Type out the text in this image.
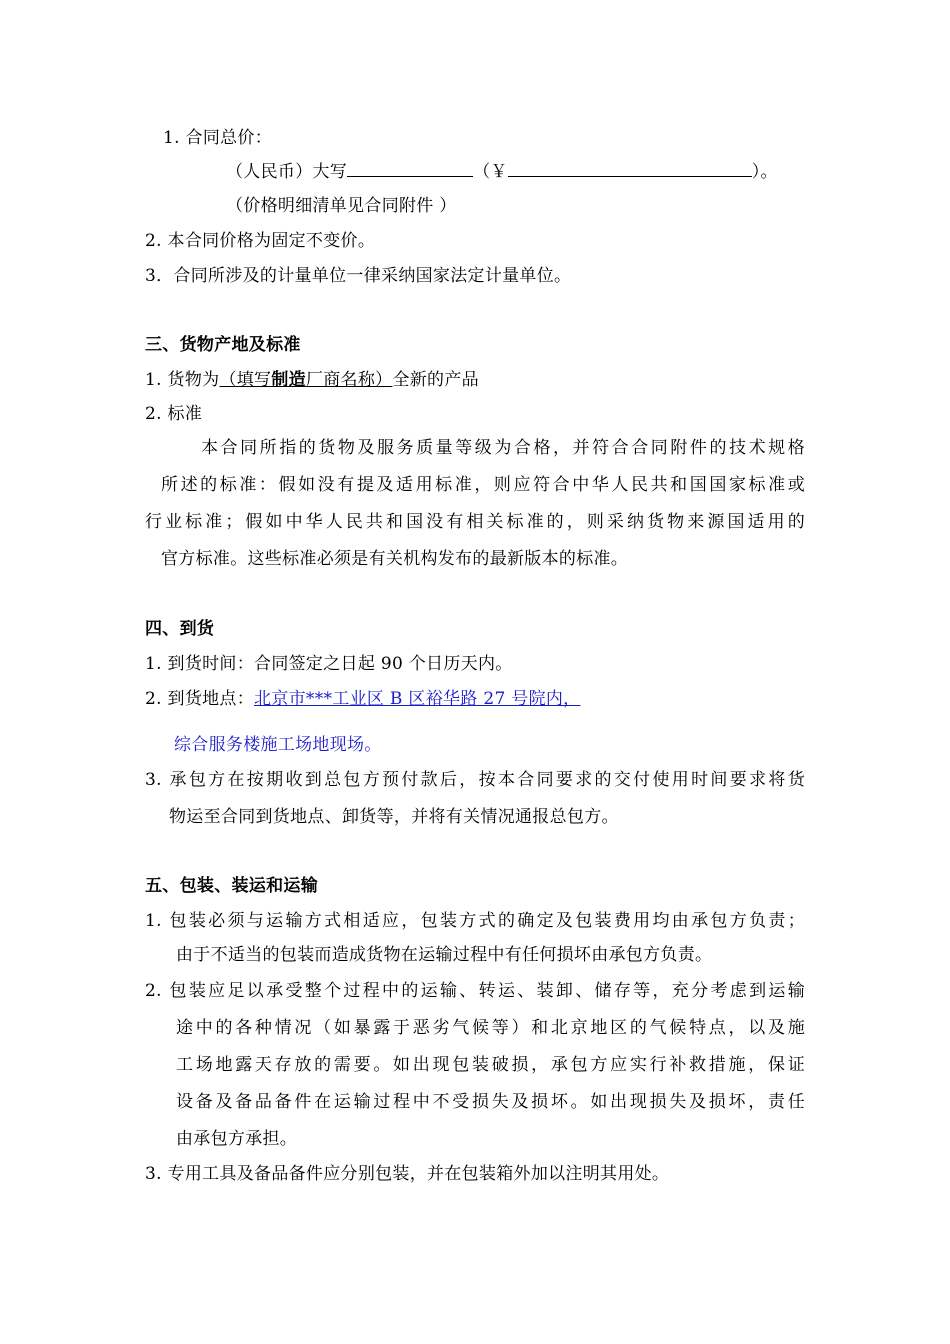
1. 合同总价：
（人民币）大写	（￥	）。
（价格明细清单见合同附件 ）
2. 本合同价格为固定不变价。
3．合同所涉及的计量单位一律采纳国家法定计量单位。
三、货物产地及标准
1. 货物为（填写制造厂商名称）全新的产品
2. 标准
本合同所指的货物及服务质量等级为合格，并符合合同附件的技术规格
所述的标准：假如没有提及适用标准，则应符合中华人民共和国国家标准或
行业标准；假如中华人民共和国没有相关标准的，则采纳货物来源国适用的
官方标准。这些标准必须是有关机构发布的最新版本的标准。
四、到货
1. 到货时间：合同签定之日起 90 个日历天内。
2. 到货地点：北京市***工业区 B 区裕华路 27 号院内，
综合服务楼施工场地现场。
3. 承包方在按期收到总包方预付款后，按本合同要求的交付使用时间要求将货
物运至合同到货地点、卸货等，并将有关情况通报总包方。
五、包装、装运和运输
1. 包装必须与运输方式相适应，包装方式的确定及包装费用均由承包方负责；
由于不适当的包装而造成货物在运输过程中有任何损坏由承包方负责。
2. 包装应足以承受整个过程中的运输、转运、装卸、储存等，充分考虑到运输
途中的各种情况（如暴露于恶劣气候等）和北京地区的气候特点，以及施
工场地露天存放的需要。如出现包装破损，承包方应实行补救措施，保证
设备及备品备件在运输过程中不受损失及损坏。如出现损失及损坏，责任
由承包方承担。
3. 专用工具及备品备件应分别包装，并在包装箱外加以注明其用处。
